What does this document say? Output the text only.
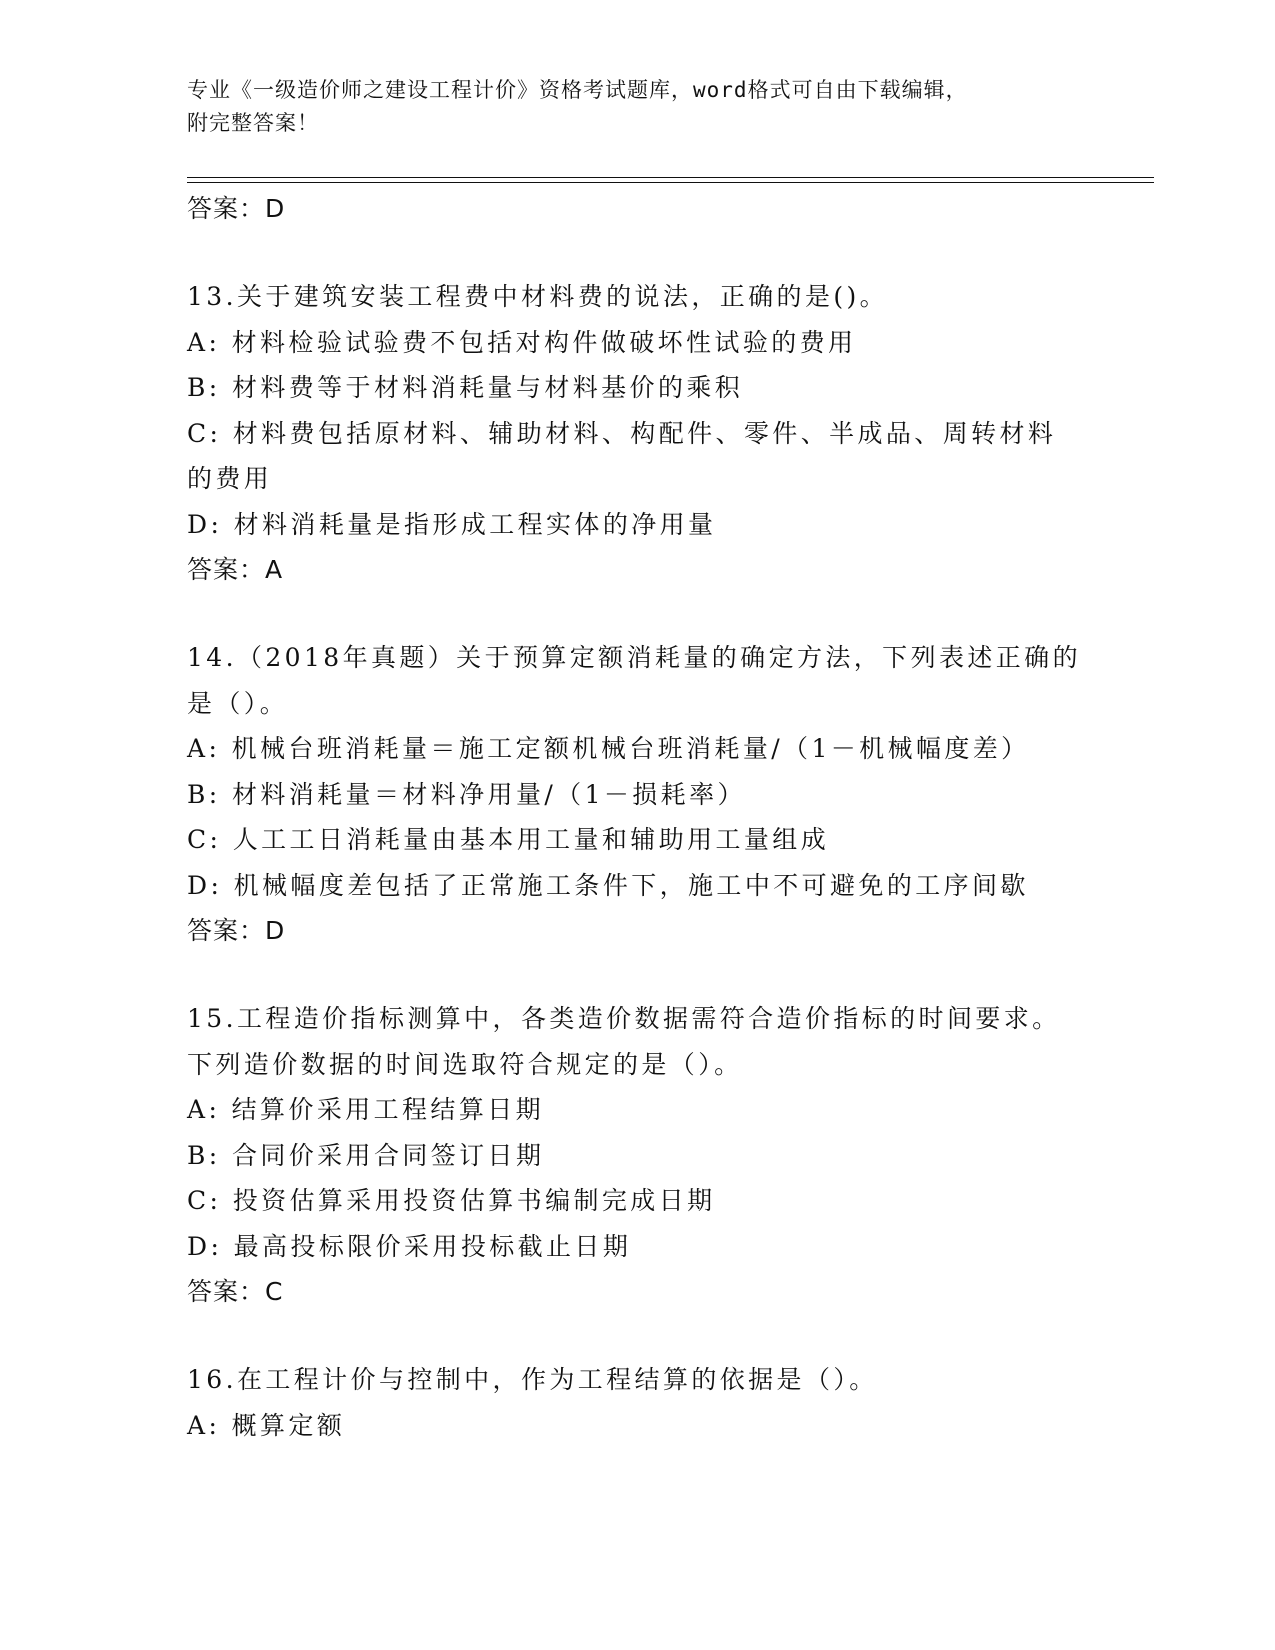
专业《一级造价师之建设工程计价》资格考试题库，word格式可自由下载编辑，
附完整答案！
答案：D
13.关于建筑安装工程费中材料费的说法，正确的是()。
A: 材料检验试验费不包括对构件做破坏性试验的费用
B: 材料费等于材料消耗量与材料基价的乘积
C: 材料费包括原材料、辅助材料、构配件、零件、半成品、周转材料
的费用
D: 材料消耗量是指形成工程实体的净用量
答案：A
14.（2018年真题）关于预算定额消耗量的确定方法，下列表述正确的
是（）。
A: 机械台班消耗量＝施工定额机械台班消耗量/（1－机械幅度差）
B: 材料消耗量＝材料净用量/（1－损耗率）
C: 人工工日消耗量由基本用工量和辅助用工量组成
D: 机械幅度差包括了正常施工条件下，施工中不可避免的工序间歇
答案：D
15.工程造价指标测算中，各类造价数据需符合造价指标的时间要求。
下列造价数据的时间选取符合规定的是（）。
A: 结算价采用工程结算日期
B: 合同价采用合同签订日期
C: 投资估算采用投资估算书编制完成日期
D: 最高投标限价采用投标截止日期
答案：C
16.在工程计价与控制中，作为工程结算的依据是（）。
A: 概算定额
